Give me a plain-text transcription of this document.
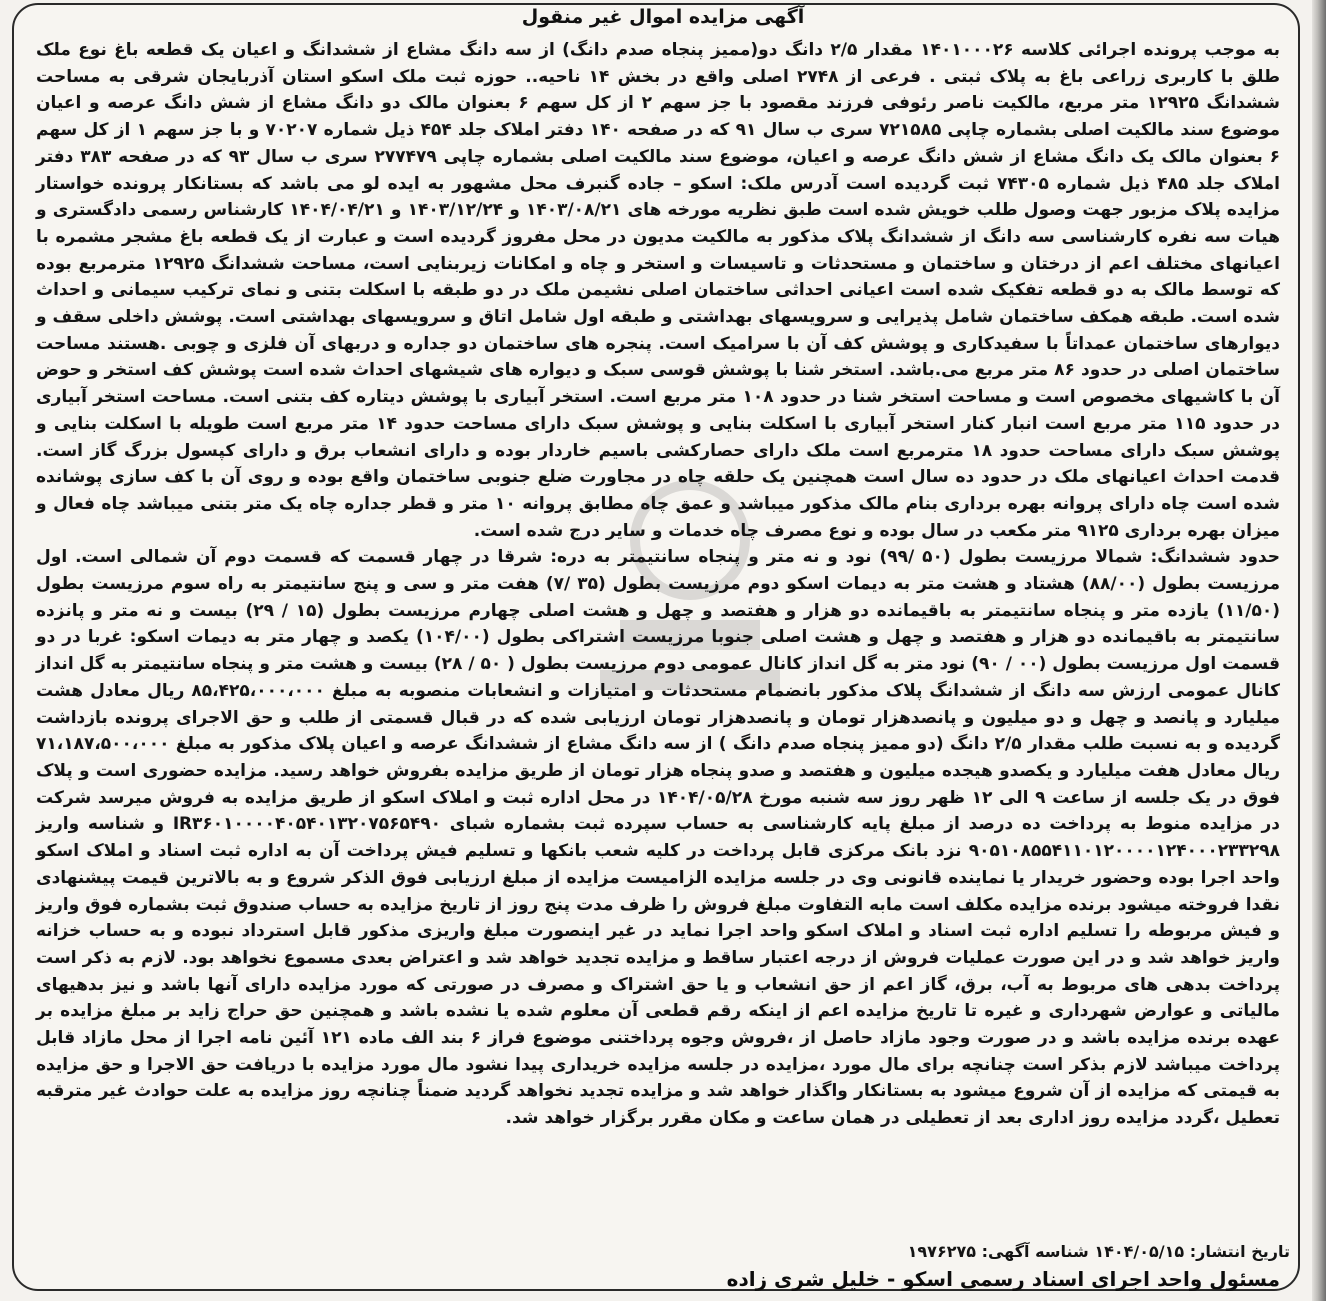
آگهی مزایده اموال غیر منقول

به موجب پرونده اجرائی کلاسه ۱۴۰۱۰۰۰۲۶ مقدار ۲/۵ دانگ دو(ممیز پنجاه صدم دانگ) از سه دانگ مشاع از ششدانگ و اعیان یک قطعه باغ نوع ملک طلق با کاربری زراعی باغ به پلاک ثبتی . فرعی از ۲۷۴۸ اصلی واقع در بخش ۱۴ ناحیه.. حوزه ثبت ملک اسکو استان آذربایجان شرقی به مساحت ششدانگ ۱۲۹۲۵ متر مربع، مالکیت ناصر رئوفی فرزند مقصود با جز سهم ۲ از کل سهم ۶ بعنوان مالک دو دانگ مشاع از شش دانگ عرصه و اعیان موضوع سند مالکیت اصلی بشماره چاپی ۷۲۱۵۸۵ سری ب سال ۹۱ که در صفحه ۱۴۰ دفتر املاک جلد ۴۵۴ ذیل شماره ۷۰۲۰۷ و با جز سهم ۱ از کل سهم ۶ بعنوان مالک یک دانگ مشاع از شش دانگ عرصه و اعیان، موضوع سند مالکیت اصلی بشماره چاپی ۲۷۷۴۷۹ سری ب سال ۹۳ که در صفحه ۳۸۳ دفتر املاک جلد ۴۸۵ ذیل شماره ۷۴۳۰۵ ثبت گردیده است آدرس ملک: اسکو – جاده گنبرف محل مشهور به ایده لو می باشد که بستانکار پرونده خواستار مزایده پلاک مزبور جهت وصول طلب خویش شده است طبق نظریه مورخه های ۱۴۰۳/۰۸/۲۱ و ۱۴۰۳/۱۲/۲۴ و ۱۴۰۴/۰۴/۲۱ کارشناس رسمی دادگستری و هیات سه نفره کارشناسی سه دانگ از ششدانگ پلاک مذکور به مالکیت مدیون در محل مفروز گردیده است و عبارت از یک قطعه باغ مشجر مشمره با اعیانهای مختلف اعم از درختان و ساختمان و مستحدثات و تاسیسات و استخر و چاه و امکانات زیربنایی است، مساحت ششدانگ ۱۲۹۲۵ مترمربع بوده که توسط مالک به دو قطعه تفکیک شده است اعیانی احداثی ساختمان اصلی نشیمن ملک در دو طبقه با اسکلت بتنی و نمای ترکیب سیمانی و احداث شده است. طبقه همکف ساختمان شامل پذیرایی و سرویسهای بهداشتی و طبقه اول شامل اتاق و سرویسهای بهداشتی است. پوشش داخلی سقف و دیوارهای ساختمان عمداتاً با سفیدکاری و پوشش کف آن با سرامیک است. پنجره های ساختمان دو جداره و دربهای آن فلزی و چوبی .هستند مساحت ساختمان اصلی در حدود ۸۶ متر مربع می.باشد. استخر شنا با پوشش قوسی سبک و دیواره های شیشهای احداث شده است پوشش کف استخر و حوض آن با کاشیهای مخصوص است و مساحت استخر شنا در حدود ۱۰۸ متر مربع است. استخر آبیاری با پوشش دیتاره کف بتنی است. مساحت استخر آبیاری در حدود ۱۱۵ متر مربع است انبار کنار استخر آبیاری با اسکلت بنایی و پوشش سبک دارای مساحت حدود ۱۴ متر مربع است طویله با اسکلت بنایی و پوشش سبک دارای مساحت حدود ۱۸ مترمربع است ملک دارای حصارکشی باسیم خاردار بوده و دارای انشعاب برق و دارای کپسول بزرگ گاز است. قدمت احداث اعیانهای ملک در حدود ده سال است همچنین یک حلقه چاه در مجاورت ضلع جنوبی ساختمان واقع بوده و روی آن با کف سازی پوشانده شده است چاه دارای پروانه بهره برداری بنام مالک مذکور میباشد و عمق چاه مطابق پروانه ۱۰ متر و قطر جداره چاه یک متر بتنی میباشد چاه فعال و میزان بهره برداری ۹۱۲۵ متر مکعب در سال بوده و نوع مصرف چاه خدمات و سایر درج شده است.

حدود ششدانگ: شمالا مرزیست بطول (۵۰ /۹۹) نود و نه متر و پنجاه سانتیمتر به دره: شرقا در چهار قسمت که قسمت دوم آن شمالی است. اول مرزیست بطول (۸۸/۰۰) هشتاد و هشت متر به دیمات اسکو دوم مرزیست بطول (۳۵ /۷) هفت متر و سی و پنج سانتیمتر به راه سوم مرزیست بطول (۱۱/۵۰) یازده متر و پنجاه سانتیمتر به باقیمانده دو هزار و هفتصد و چهل و هشت اصلی چهارم مرزیست بطول (۱۵ / ۲۹) بیست و نه متر و پانزده سانتیمتر به باقیمانده دو هزار و هفتصد و چهل و هشت اصلی جنوبا مرزیست اشتراکی بطول (۱۰۴/۰۰) یکصد و چهار متر به دیمات اسکو: غربا در دو قسمت اول مرزیست بطول (۰۰ / ۹۰) نود متر به گل انداز کانال عمومی دوم مرزیست بطول ( ۵۰ / ۲۸) بیست و هشت متر و پنجاه سانتیمتر به گل انداز کانال عمومی ارزش سه دانگ از ششدانگ پلاک مذکور بانضمام مستحدثات و امتیازات و انشعابات منصوبه به مبلغ ۸۵،۴۲۵،۰۰۰،۰۰۰ ریال معادل هشت میلیارد و پانصد و چهل و دو میلیون و پانصدهزار تومان و پانصدهزار تومان ارزیابی شده که در قبال قسمتی از طلب و حق الاجرای پرونده بازداشت گردیده و به نسبت طلب مقدار ۲/۵ دانگ (دو ممیز پنجاه صدم دانگ ) از سه دانگ مشاع از ششدانگ عرصه و اعیان پلاک مذکور به مبلغ ۷۱،۱۸۷،۵۰۰،۰۰۰ ریال معادل هفت میلیارد و یکصدو هیجده میلیون و هفتصد و صدو پنجاه هزار تومان از طریق مزایده بفروش خواهد رسید. مزایده حضوری است و پلاک فوق در یک جلسه از ساعت ۹ الی ۱۲ ظهر روز سه شنبه مورخ ۱۴۰۴/۰۵/۲۸ در محل اداره ثبت و املاک اسکو از طریق مزایده به فروش میرسد شرکت در مزایده منوط به پرداخت ده درصد از مبلغ پایه کارشناسی به حساب سپرده ثبت بشماره شبای IR۳۶۰۱۰۰۰۰۴۰۵۴۰۱۳۲۰۷۵۶۵۴۹۰ و شناسه واریز ۹۰۵۱۰۸۵۵۴۱۱۰۱۲۰۰۰۰۱۲۴۰۰۰۲۳۳۲۹۸ نزد بانک مرکزی قابل پرداخت در کلیه شعب بانکها و تسلیم فیش پرداخت آن به اداره ثبت اسناد و املاک اسکو واحد اجرا بوده وحضور خریدار یا نماینده قانونی وی در جلسه مزایده الزامیست مزایده از مبلغ ارزیابی فوق الذکر شروع و به بالاترین قیمت پیشنهادی نقدا فروخته میشود برنده مزایده مکلف است مابه التفاوت مبلغ فروش را ظرف مدت پنج روز از تاریخ مزایده به حساب صندوق ثبت بشماره فوق واریز و فیش مربوطه را تسلیم اداره ثبت اسناد و املاک اسکو واحد اجرا نماید در غیر اینصورت مبلغ واریزی مذکور قابل استرداد نبوده و به حساب خزانه واریز خواهد شد و در این صورت عملیات فروش از درجه اعتبار ساقط و مزایده تجدید خواهد شد و اعتراض بعدی مسموع نخواهد بود. لازم به ذکر است پرداخت بدهی های مربوط به آب، برق، گاز اعم از حق انشعاب و یا حق اشتراک و مصرف در صورتی که مورد مزایده دارای آنها باشد و نیز بدهیهای مالیاتی و عوارض شهرداری و غیره تا تاریخ مزایده اعم از اینکه رقم قطعی آن معلوم شده یا نشده باشد و همچنین حق حراج زاید بر مبلغ مزایده بر عهده برنده مزایده باشد و در صورت وجود مازاد حاصل از ،فروش وجوه پرداختنی موضوع فراز ۶ بند الف ماده ۱۲۱ آئین نامه اجرا از محل مازاد قابل پرداخت میباشد لازم بذکر است چنانچه برای مال مورد ،مزایده در جلسه مزایده خریداری پیدا نشود مال مورد مزایده با دریافت حق الاجرا و حق مزایده به قیمتی که مزایده از آن شروع میشود به بستانکار واگذار خواهد شد و مزایده تجدید نخواهد گردید ضمناً چنانچه روز مزایده به علت حوادث غیر مترقبه تعطیل ،گردد مزایده روز اداری بعد از تعطیلی در همان ساعت و مکان مقرر برگزار خواهد شد.

تاریخ انتشار: ۱۴۰۴/۰۵/۱۵ شناسه آگهی: ۱۹۷۶۲۷۵
مسئول واحد اجرای اسناد رسمی اسکو - خلیل شری زاده
